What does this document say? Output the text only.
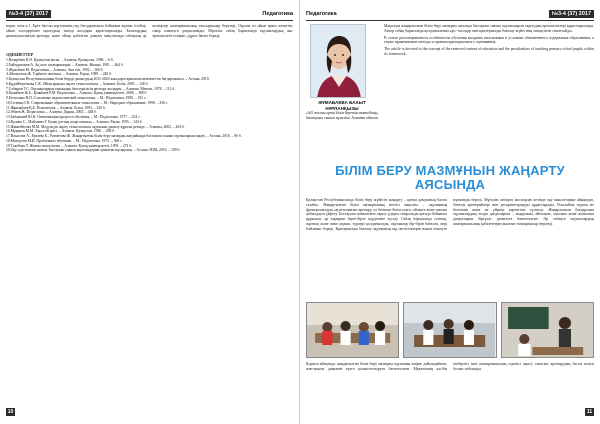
№3-4 (37) 2017	Педагогика
науке, хотя в 1. Ерте бастап мұғалімнің оқу бағдарламасы бойынша жұмыс істейді, ойын тәсілдерімен оқытудың тиімді жолдары қарастырылады. Балалардың қызығушылығын арттыру және ойлау қабілетін дамыту мақсатында сабақтың әр кезеңінде шығармашылық тапсырмалар беріледі. Оқушы өз ойын еркін жеткізіп, пікір алмасуға дағдыланады. Мұғалім сабақ барысында оқушылардың жас ерекшелігін ескеріп, дұрыс бағыт береді.
ӘДЕБИЕТТЕР

1.Назарбаев Н.Ә. Қазақстан жолы. – Алматы: Қазақстан, 1996. – 6 б.

2.Байтұрсынов А. Ақ жол: шығармалары. – Алматы: Жалын, 1991. – 464 б.

3.Жұмабаев М. Педагогика. – Алматы: Ана тілі, 1992. – 160 б.

4.Аймауытов Ж. Тәрбиеге жетекші. – Алматы: Рауан, 1999. – 240 б.

5.Қазақстан Республикасының білім беруді дамытудың 2011-2020 жылдарға арналған мемлекеттік бағдарламасы. – Астана, 2010.

6.Құдайбергенова С.К. Ойын арқылы оқыту технологиясы. – Алматы: Білім, 2005. – 128 б.

7.Сабыров Т.С. Оқушылардың танымдық белсенділігін арттыру жолдары. – Алматы: Мектеп, 1978. – 112 б.

8.Қоянбаев Ж.Б., Қоянбаев Р.М. Педагогика. – Алматы: Қазақ университеті, 2000. – 368 б.

9.Беспалько В.П. Слагаемые педагогической технологии. – М.: Педагогика, 1989. – 192 с.

10.Селевко Г.К. Современные образовательные технологии. – М.: Народное образование, 1998. – 256 с.

11.Жарықбаев Қ.Б. Психология. – Алматы: Білім, 1993. – 320 б.

12.Әбиев Ж. Педагогика. – Алматы: Дарын, 2004. – 448 б.

13.Бабанский Ю.К. Оптимизация процесса обучения. – М.: Педагогика, 1977. – 254 с.

14.Қалиев С., Майхиева Г. Қазақ ұлттық педагогикасы. – Алматы: Рауан, 1995. – 144 б.

15.Жанпейісова М.М. Модульдік оқыту технологиясы оқушыны дамыту құралы ретінде. – Алматы, 2002. – 204 б.

16.Мұқанов М.М. Ақыл-ой өрісі. – Алматы: Қазақстан, 1980. – 208 б.

17.Ильясова А., Ертаева Б., Рахметова Ж. Жаңартылған білім беру мазмұны жағдайында бастауыш сынып оқушыларын оқыту. – Астана, 2016. – 96 б.

18.Махмутов М.И. Проблемное обучение. – М.: Педагогика, 1975. – 368 с.

19.Тәжібаев Т. Жалпы психология. – Алматы: Қазақ университеті, 1993. – 272 б.

20.Оқу-әдістемелік кешен. Бастауыш сынып мұғалімдеріне арналған нұсқаулық. – Астана: НЗМ, 2016. – 180 б.

10
Педагогика	№3-4 (37) 2017
ЖҰМАБАЕВА БАХЫТ НҰРЛАНҚЫЗЫ
«№5 жалпы орта білім беретін мектебінің» бастауыш сынып мұғалімі, Алматы облысы

Мақалада жаңартылған білім беру мазмұны аясында бастауыш сынып оқушыларын оқытудың ерекшеліктері қарастырылады. Автор сабақ барысында қолданылатын әдіс-тәсілдер мен критериалды бағалау жүйесінің тиімділігін сипаттайды.

В статье рассматриваются особенности обучения младших школьников в условиях обновленного содержания образования, а также применяемые методы и приемы критериального оценивания.

The article is devoted to the concept of the renewed content of education and the peculiarities of teaching primary school pupils within its framework.

БІЛІМ БЕРУ МАЗМҰНЫН ЖАҢАРТУ АЯСЫНДА
Қазақстан Республикасында білім беру жүйесін жаңарту – қоғам дамуының басты талабы. Жаңартылған білім мазмұнының негізгі мақсаты – оқушының функционалдық сауаттылығын арттыру, өз бетінше білім алуға, ойлауға және шешім қабылдауға үйрету. Бастауыш сыныптағы оқыту үдерісі спиральды қағида бойынша құрылып, әр тақырып бірте-бірте күрделене түседі. Сабақ барысында топтық, жұптық және жеке жұмыс түрлері қолданылады, оқушылар бір-бірін бағалап, кері байланыс береді. Критериалды бағалау оқушының оқу жетістіктерін нақты өлшеуге мүмкіндік береді. Мұғалім сабақты жоспарлау кезінде оқу мақсаттарын айқындап, бағалау критерийлері мен дескрипторларды құрастырады. Осылайша оқушы не білетінін және не үйрену керектігін түсінеді. Жаңартылған бағдарлама оқушылардың тілдік дағдыларын – тыңдалым, айтылым, оқылым және жазылым дағдыларын біртұтас дамытуға бағытталған. Әр сабақта оқушылардың шығармашылық қабілеттерін ашатын тапсырмалар беріледі.
Қорыта айтқанда, жаңартылған білім беру мазмұны оқушыны өмірге дайындайтын, жан-жақты дамыған тұлға қалыптастыруға бағытталған. Мұғалімнің кәсіби шеберлігі мен шығармашылық ізденісі оқыту сапасын арттырудың басты кепілі болып табылады.
11
